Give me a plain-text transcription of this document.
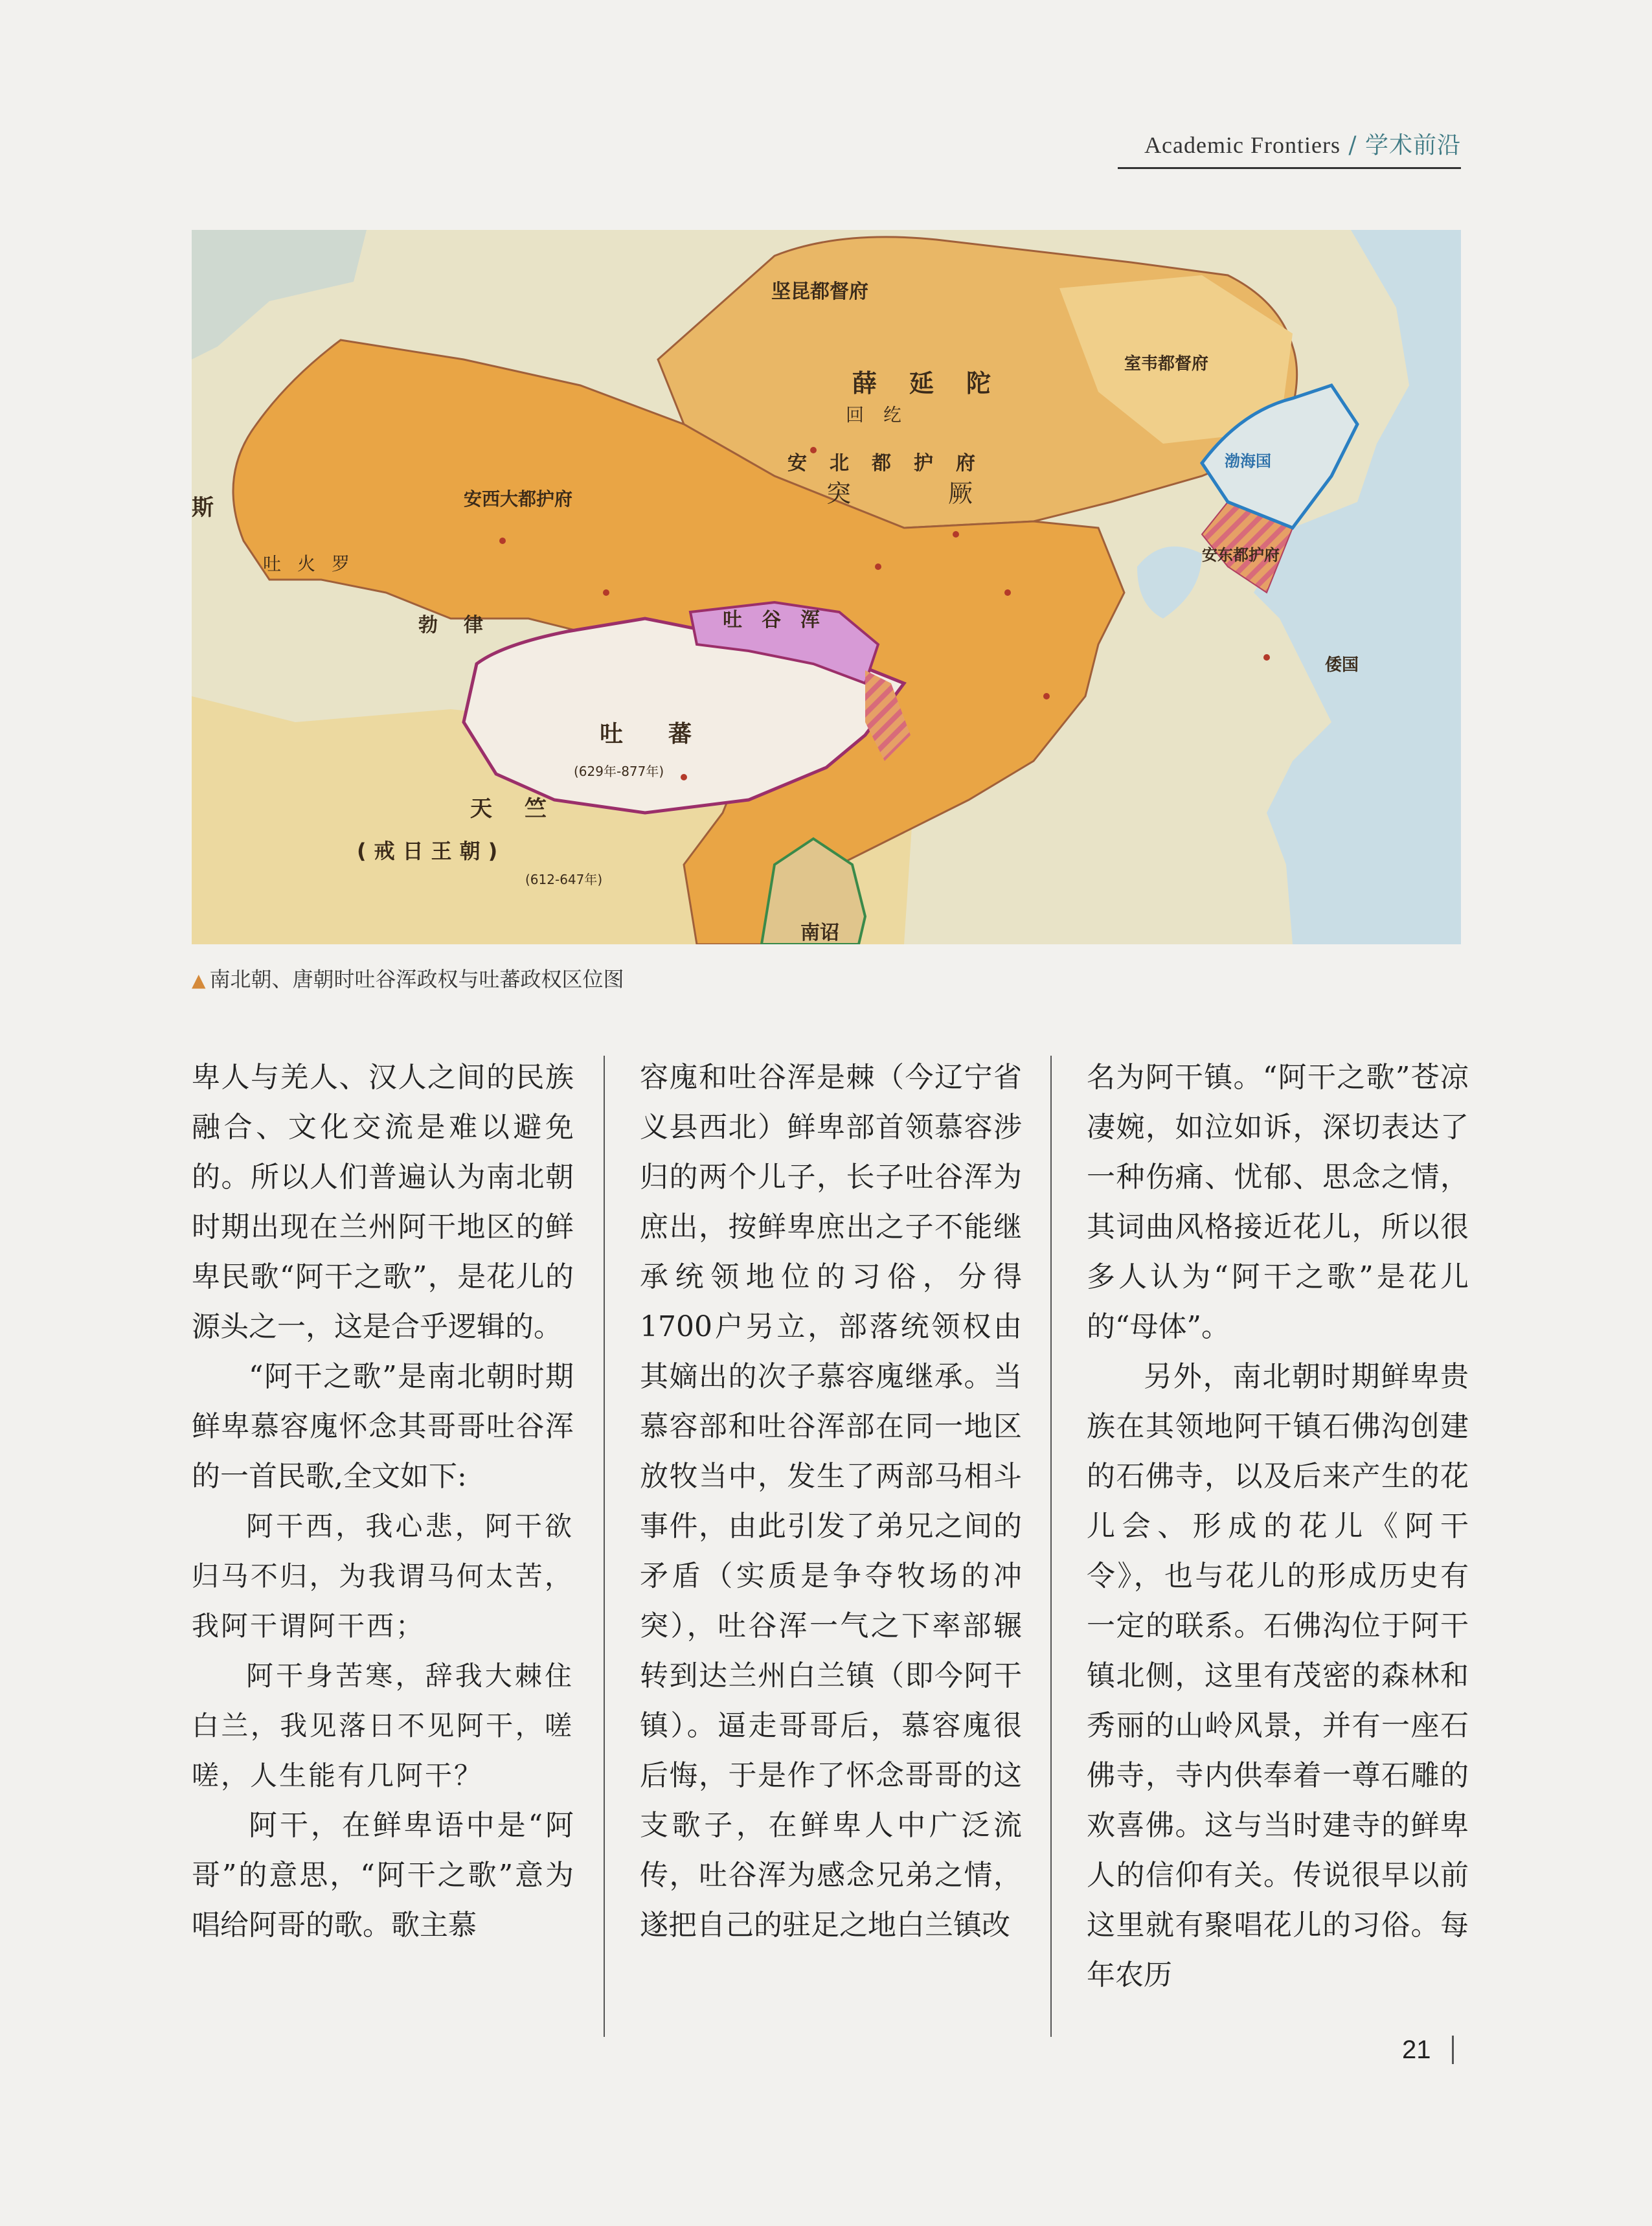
Academic Frontiers / 学术前沿
坚昆都督府
室韦都督府
薛延陀
回纥
安北都护府
突厥
安西大都护府
吐火罗
斯
勃律	吐谷浑
吐蕃
(629年-877年)
天竺
(戒日王朝)
(612-647年)
渤海国
安东都护府
倭国
南诏
▲ 南北朝、唐朝时吐谷浑政权与吐蕃政权区位图

卑人与羌人、汉人之间的民族融合、文化交流是难以避免的。所以人们普遍认为南北朝时期出现在兰州阿干地区的鲜卑民歌“阿干之歌”，是花儿的源头之一，这是合乎逻辑的。

“阿干之歌”是南北朝时期鲜卑慕容廆怀念其哥哥吐谷浑的一首民歌,全文如下:

阿干西，我心悲，阿干欲归马不归，为我谓马何太苦，我阿干谓阿干西；

阿干身苦寒，辞我大棘住白兰，我见落日不见阿干，嗟嗟，人生能有几阿干？

阿干，在鲜卑语中是“阿哥”的意思，“阿干之歌”意为唱给阿哥的歌。歌主慕

容廆和吐谷浑是棘（今辽宁省义县西北）鲜卑部首领慕容涉归的两个儿子，长子吐谷浑为庶出，按鲜卑庶出之子不能继承统领地位的习俗，分得1700户另立，部落统领权由其嫡出的次子慕容廆继承。当慕容部和吐谷浑部在同一地区放牧当中，发生了两部马相斗事件，由此引发了弟兄之间的矛盾（实质是争夺牧场的冲突），吐谷浑一气之下率部辗转到达兰州白兰镇（即今阿干镇）。逼走哥哥后，慕容廆很后悔，于是作了怀念哥哥的这支歌子，在鲜卑人中广泛流传，吐谷浑为感念兄弟之情，遂把自己的驻足之地白兰镇改

名为阿干镇。“阿干之歌”苍凉凄婉，如泣如诉，深切表达了一种伤痛、忧郁、思念之情，其词曲风格接近花儿，所以很多人认为“阿干之歌”是花儿的“母体”。

另外，南北朝时期鲜卑贵族在其领地阿干镇石佛沟创建的石佛寺，以及后来产生的花儿会、形成的花儿《阿干令》，也与花儿的形成历史有一定的联系。石佛沟位于阿干镇北侧，这里有茂密的森林和秀丽的山岭风景，并有一座石佛寺，寺内供奉着一尊石雕的欢喜佛。这与当时建寺的鲜卑人的信仰有关。传说很早以前这里就有聚唱花儿的习俗。每年农历

21
